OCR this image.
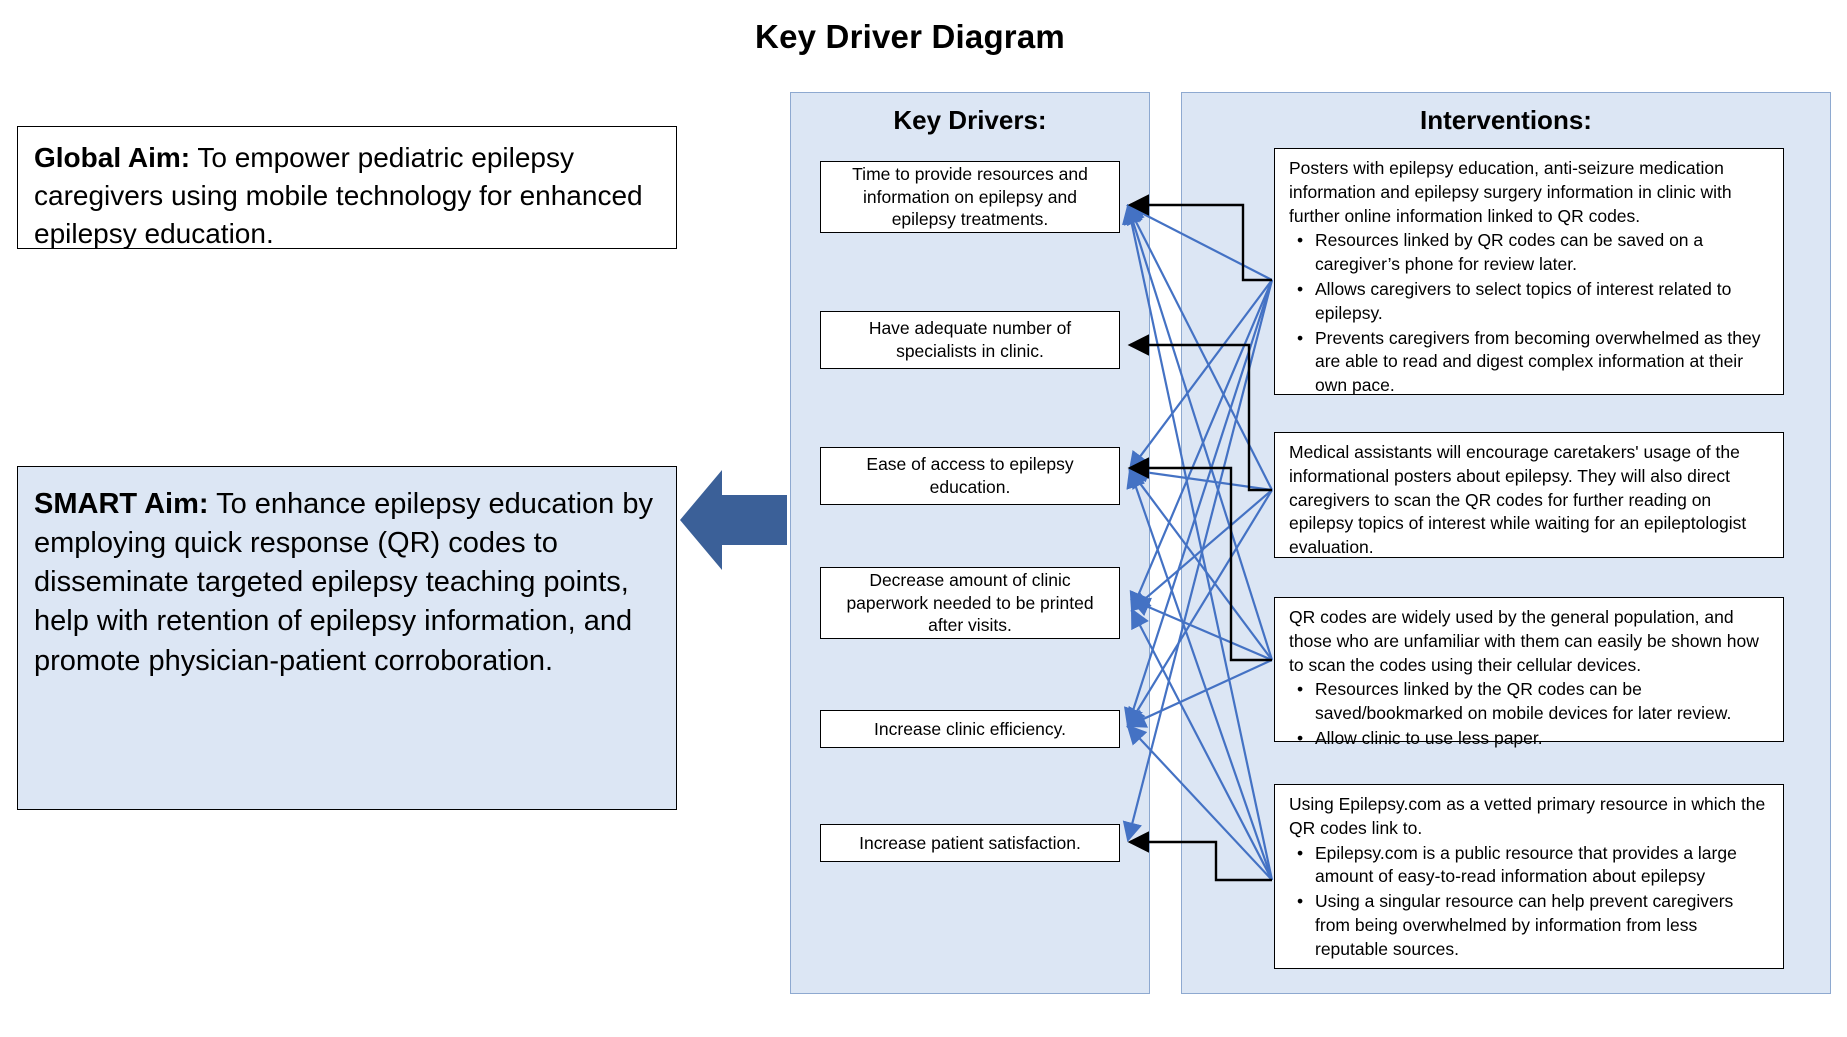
Key Driver Diagram
Global Aim: To empower pediatric epilepsy caregivers using mobile technology for enhanced epilepsy education.
SMART Aim: To enhance epilepsy education by employing quick response (QR) codes to disseminate targeted epilepsy teaching points, help with retention of epilepsy information, and promote physician-patient corroboration.
Key Drivers:	Interventions:
Time to provide resources and information on epilepsy and epilepsy treatments.
Have adequate number of specialists in clinic.
Ease of access to epilepsy education.
Decrease amount of clinic paperwork needed to be printed after visits.
Increase clinic efficiency.
Increase patient satisfaction.

Posters with epilepsy education, anti-seizure medication information and epilepsy surgery information in clinic with further online information linked to QR codes.

• Resources linked by QR codes can be saved on a caregiver’s phone for review later.
• Allows caregivers to select topics of interest related to epilepsy.
• Prevents caregivers from becoming overwhelmed as they are able to read and digest complex information at their own pace.

Medical assistants will encourage caretakers' usage of the informational posters about epilepsy. They will also direct caregivers to scan the QR codes for further reading on epilepsy topics of interest while waiting for an epileptologist evaluation.

QR codes are widely used by the general population, and those who are unfamiliar with them can easily be shown how to scan the codes using their cellular devices.

• Resources linked by the QR codes can be saved/bookmarked on mobile devices for later review.
• Allow clinic to use less paper.

Using Epilepsy.com as a vetted primary resource in which the QR codes link to.

• Epilepsy.com is a public resource that provides a large amount of easy-to-read information about epilepsy
• Using a singular resource can help prevent caregivers from being overwhelmed by information from less reputable sources.
